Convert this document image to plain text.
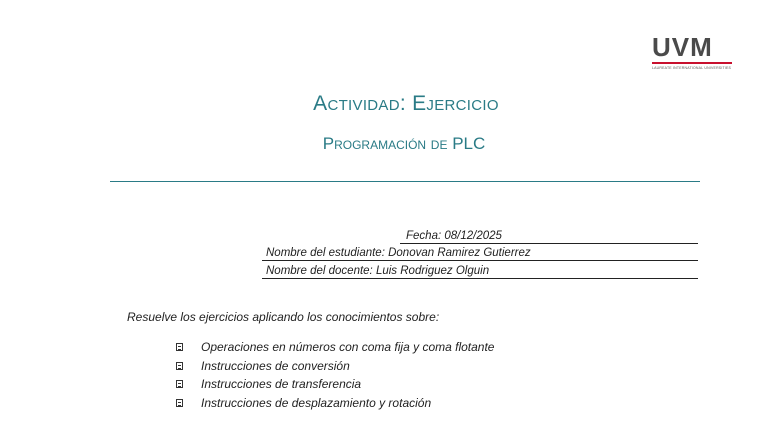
UVM
LAUREATE INTERNATIONAL UNIVERSITIES
Actividad: Ejercicio
Programación de PLC
Fecha: 08/12/2025
Nombre del estudiante: Donovan Ramirez Gutierrez
Nombre del docente: Luis Rodriguez Olguin
Resuelve los ejercicios aplicando los conocimientos sobre:
Operaciones en números con coma fija y coma flotante
Instrucciones de conversión
Instrucciones de transferencia
Instrucciones de desplazamiento y rotación
